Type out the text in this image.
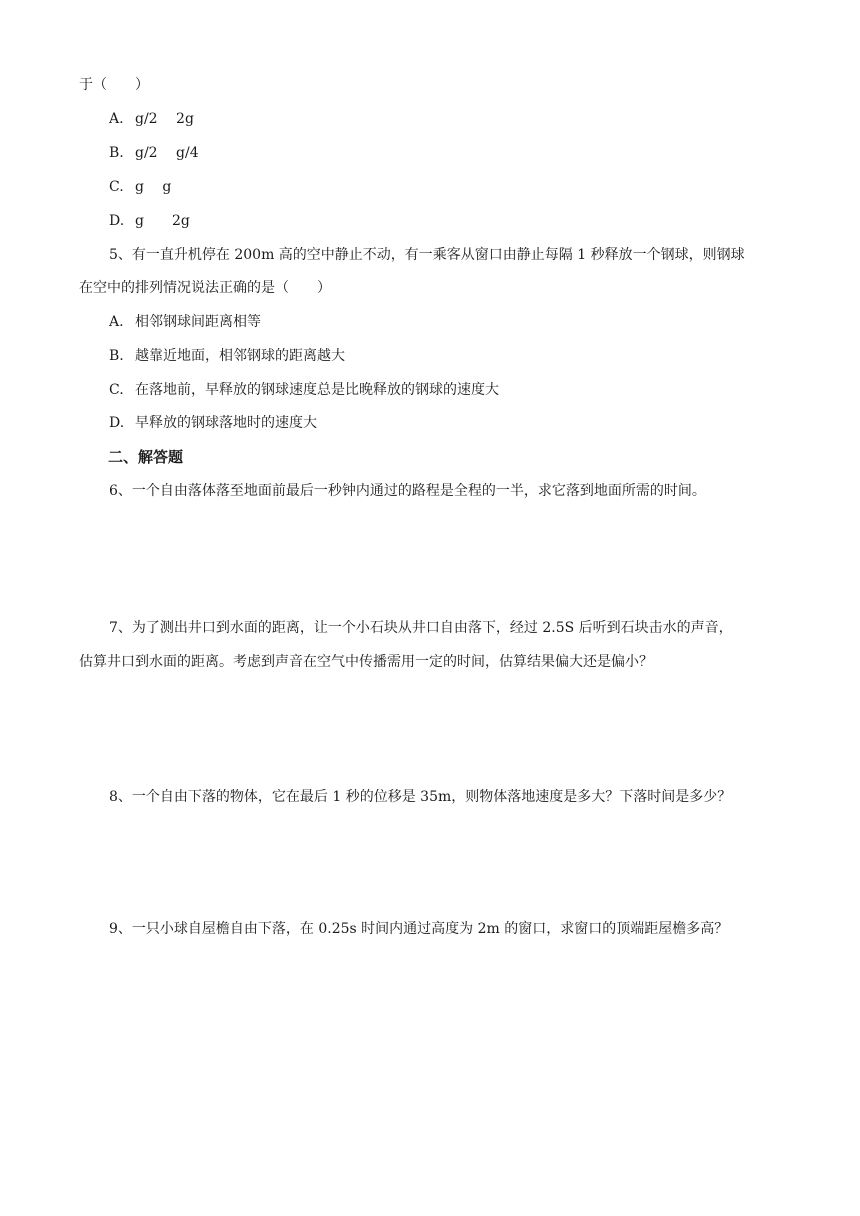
于（　　）
A. g/2　 2g
B. g/2　 g/4
C. g　 g
D. g　　2g
5、有一直升机停在 200m 高的空中静止不动，有一乘客从窗口由静止每隔 1 秒释放一个钢球，则钢球
在空中的排列情况说法正确的是（　　）
A. 相邻钢球间距离相等
B. 越靠近地面，相邻钢球的距离越大
C. 在落地前，早释放的钢球速度总是比晚释放的钢球的速度大
D. 早释放的钢球落地时的速度大
二、解答题
6、一个自由落体落至地面前最后一秒钟内通过的路程是全程的一半，求它落到地面所需的时间。
7、为了测出井口到水面的距离，让一个小石块从井口自由落下，经过 2.5S 后听到石块击水的声音，
估算井口到水面的距离。考虑到声音在空气中传播需用一定的时间，估算结果偏大还是偏小？
8、一个自由下落的物体，它在最后 1 秒的位移是 35m，则物体落地速度是多大？下落时间是多少？
9、一只小球自屋檐自由下落，在 0.25s 时间内通过高度为 2m 的窗口，求窗口的顶端距屋檐多高？
